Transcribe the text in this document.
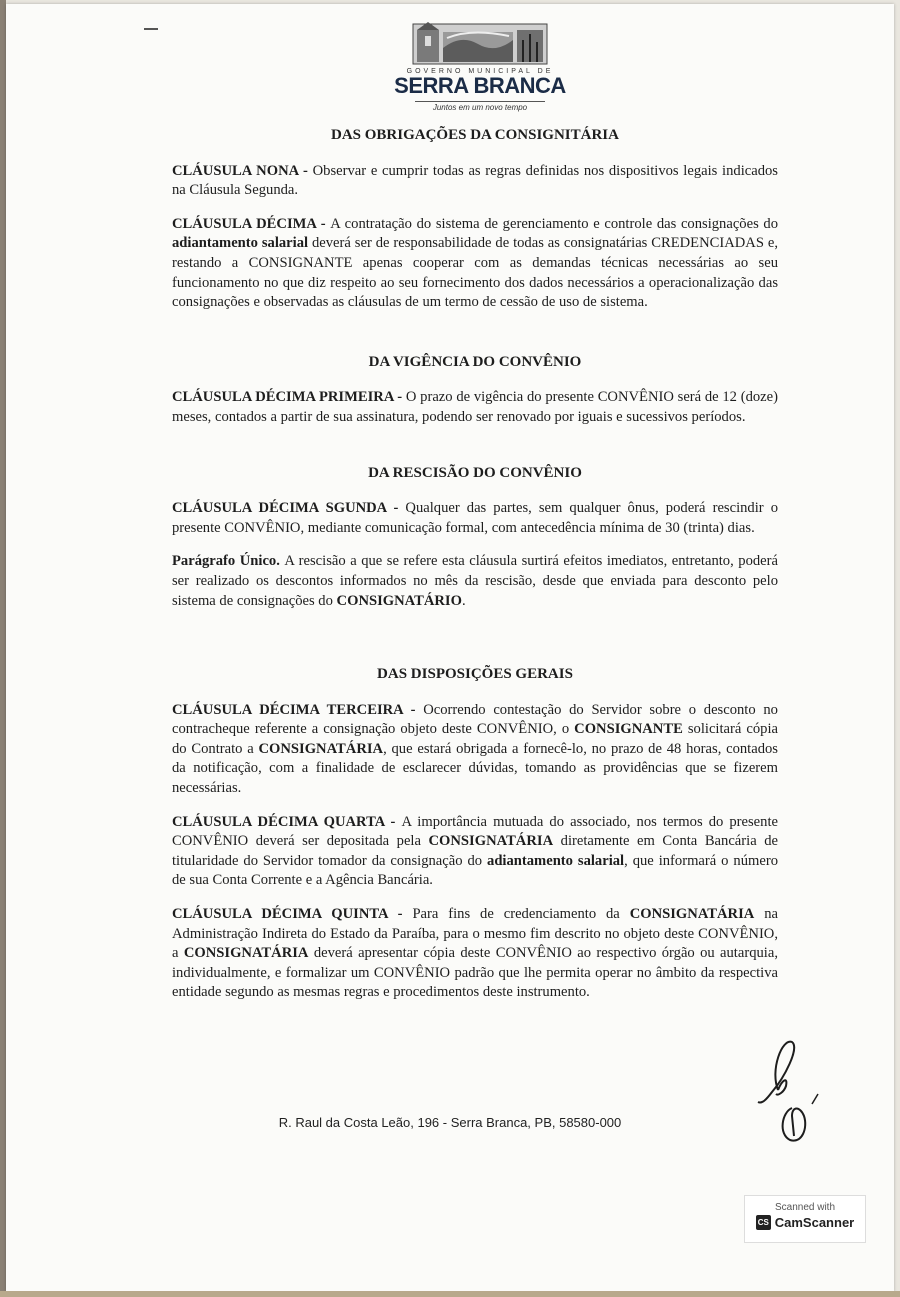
GOVERNO MUNICIPAL DE
SERRA BRANCA
Juntos em um novo tempo
DAS OBRIGAÇÕES DA CONSIGNITÁRIA

CLÁUSULA NONA - Observar e cumprir todas as regras definidas nos dispositivos legais indicados na Cláusula Segunda.

CLÁUSULA DÉCIMA - A contratação do sistema de gerenciamento e controle das consignações do adiantamento salarial deverá ser de responsabilidade de todas as consignatárias CREDENCIADAS e, restando a CONSIGNANTE apenas cooperar com as demandas técnicas necessárias ao seu funcionamento no que diz respeito ao seu fornecimento dos dados necessários a operacionalização das consignações e observadas as cláusulas de um termo de cessão de uso de sistema.

DA VIGÊNCIA DO CONVÊNIO

CLÁUSULA DÉCIMA PRIMEIRA - O prazo de vigência do presente CONVÊNIO será de 12 (doze) meses, contados a partir de sua assinatura, podendo ser renovado por iguais e sucessivos períodos.

DA RESCISÃO DO CONVÊNIO

CLÁUSULA DÉCIMA SGUNDA - Qualquer das partes, sem qualquer ônus, poderá rescindir o presente CONVÊNIO, mediante comunicação formal, com antecedência mínima de 30 (trinta) dias.

Parágrafo Único. A rescisão a que se refere esta cláusula surtirá efeitos imediatos, entretanto, poderá ser realizado os descontos informados no mês da rescisão, desde que enviada para desconto pelo sistema de consignações do CONSIGNATÁRIO.

DAS DISPOSIÇÕES GERAIS

CLÁUSULA DÉCIMA TERCEIRA - Ocorrendo contestação do Servidor sobre o desconto no contracheque referente a consignação objeto deste CONVÊNIO, o CONSIGNANTE solicitará cópia do Contrato a CONSIGNATÁRIA, que estará obrigada a fornecê-lo, no prazo de 48 horas, contados da notificação, com a finalidade de esclarecer dúvidas, tomando as providências que se fizerem necessárias.

CLÁUSULA DÉCIMA QUARTA - A importância mutuada do associado, nos termos do presente CONVÊNIO deverá ser depositada pela CONSIGNATÁRIA diretamente em Conta Bancária de titularidade do Servidor tomador da consignação do adiantamento salarial, que informará o número de sua Conta Corrente e a Agência Bancária.

CLÁUSULA DÉCIMA QUINTA - Para fins de credenciamento da CONSIGNATÁRIA na Administração Indireta do Estado da Paraíba, para o mesmo fim descrito no objeto deste CONVÊNIO, a CONSIGNATÁRIA deverá apresentar cópia deste CONVÊNIO ao respectivo órgão ou autarquia, individualmente, e formalizar um CONVÊNIO padrão que lhe permita operar no âmbito da respectiva entidade segundo as mesmas regras e procedimentos deste instrumento.

R. Raul da Costa Leão, 196 - Serra Branca, PB, 58580-000
Scanned with
CS CamScanner
